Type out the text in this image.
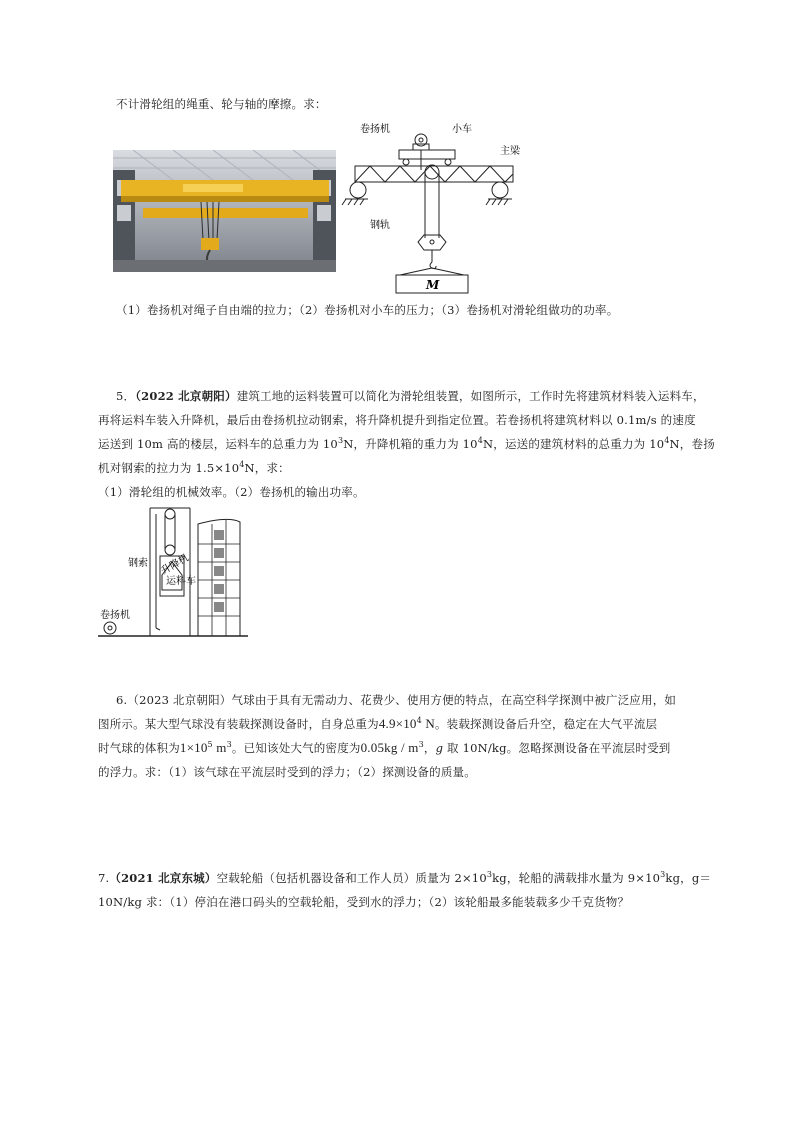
不计滑轮组的绳重、轮与轴的摩擦。求：
卷扬机	小车
主梁
钢轨
M
（1）卷扬机对绳子自由端的拉力；（2）卷扬机对小车的压力；（3）卷扬机对滑轮组做功的功率。
5．（2022 北京朝阳）建筑工地的运料装置可以简化为滑轮组装置，如图所示，工作时先将建筑材料装入运料车，
再将运料车装入升降机，最后由卷扬机拉动钢索，将升降机提升到指定位置。若卷扬机将建筑材料以 0.1m/s 的速度
运送到 10m 高的楼层，运料车的总重力为 $10^3N$，升降机箱的重力为 $10^4N$，运送的建筑材料的总重力为 $10^4N$，卷扬
机对钢索的拉力为 $1.5\times 10^4N$，求：
（1）滑轮组的机械效率。（2）卷扬机的输出功率。
升降机
运料车
钢索
卷扬机
6.（2023 北京朝阳）气球由于具有无需动力、花费少、使用方便的特点，在高空科学探测中被广泛应用，如
图所示。某大型气球没有装载探测设备时，自身总重为$4.9\times 10^4$ N。装载探测设备后升空，稳定在大气平流层
时气球的体积为$1\times 10^5$ $m^3$。已知该处大气的密度为$0.05kg / m^3$，g 取 10N/kg。忽略探测设备在平流层时受到
的浮力。求：（1）该气球在平流层时受到的浮力；（2）探测设备的质量。
7.（2021 北京东城）空载轮船（包括机器设备和工作人员）质量为 $2\times 10^3kg$，轮船的满载排水量为 $9\times 10^3kg$，g＝
10N/kg 求：（1）停泊在港口码头的空载轮船，受到水的浮力；（2）该轮船最多能装载多少千克货物？
